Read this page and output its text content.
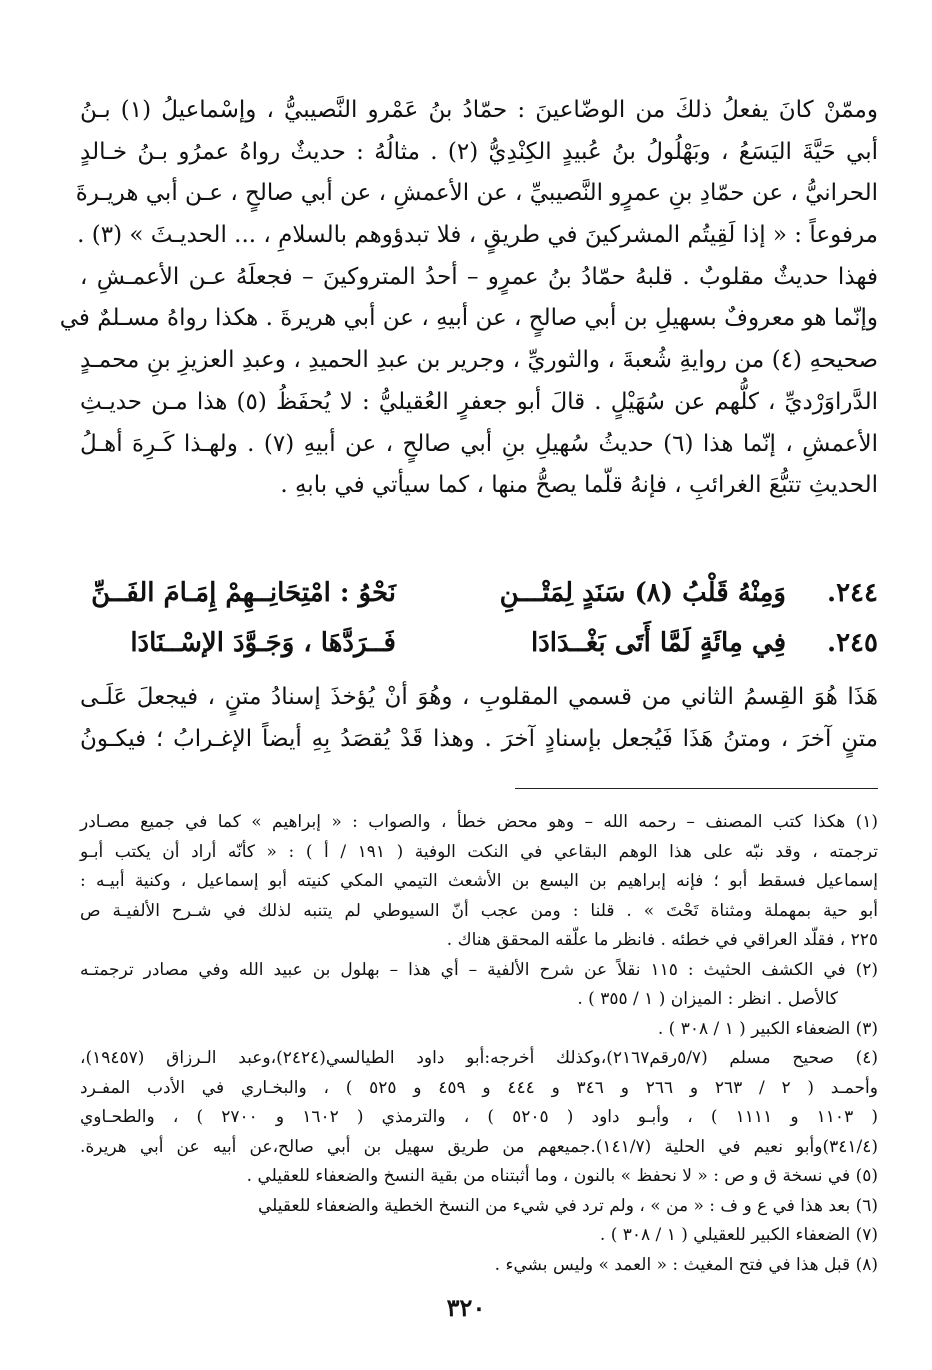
وممّنْ كانَ يفعلُ ذلكَ من الوضّاعينَ : حمّادُ بنُ عَمْرو النَّصيبيُّ ، وإسْماعيلُ (١) بـنُ
أبي حَيَّةَ اليَسَعُ ، وبَهْلُولُ بنُ عُبيدٍ الكِنْدِيُّ (٢) . مثالُهُ : حديثٌ رواهُ عمرُو بـنُ خـالدٍ
الحرانيُّ ، عن حمّادِ بنِ عمرٍو النَّصيبيِّ ، عن الأعمشِ ، عن أبي صالحٍ ، عـن أبي هريـرةَ
مرفوعاً : « إذا لَقِيتُم المشركينَ في طريقٍ ، فلا تبدؤوهم بالسلامِ ، ... الحديـثَ » (٣) .
فهذا حديثٌ مقلوبٌ . قلبهُ حمّادُ بنُ عمرٍو – أحدُ المتروكينَ – فجعلَهُ عـن الأعمـشِ ،
وإنّما هو معروفٌ بسهيلِ بن أبي صالحٍ ، عن أبيهِ ، عن أبي هريرةَ . هكذا رواهُ مسـلمٌ في
صحيحهِ (٤) من روايةِ شُعبةَ ، والثوريِّ ، وجرير بن عبدِ الحميدِ ، وعبدِ العزيزِ بنِ محمـدٍ
الدَّراوَرْديِّ ، كلُّهم عن سُهَيْلٍ . قالَ أبو جعفرٍ العُقيليُّ : لا يُحفَظُ (٥) هذا مـن حديـثِ
الأعمشِ ، إنّما هذا (٦) حديثُ سُهيلِ بنِ أبي صالحٍ ، عن أبيهِ (٧) . ولهـذا كَـرِهَ أهـلُ
الحديثِ تتبُّعَ الغرائبِ ، فإنهُ قلّما يصحُّ منها ، كما سيأتي في بابهِ .
٢٤٤.
وَمِنْهُ قَلْبُ (٨) سَنَدٍ لِمَتْـــنِ
نَحْوُ : امْتِحَانِــهِمْ إِمَـامَ الفَــنِّ
٢٤٥.
فِي مِائَةٍ لَمَّا أَتَى بَغْــدَادَا
فَــرَدَّهَا ، وَجَـوَّدَ الإسْــنَادَا
هَذَا هُوَ القِسمُ الثاني من قسمي المقلوبِ ، وهُوَ أنْ يُؤخذَ إسنادُ متنٍ ، فيجعلَ عَلَـى
متنٍ آخرَ ، ومتنُ هَذَا فَيُجعل بإسنادٍ آخرَ . وهذا قَدْ يُقصَدُ بِهِ أيضاً الإغـرابُ ؛ فيكـونُ
(١) هكذا كتب المصنف – رحمه الله – وهو محض خطأ ، والصواب : « إبراهيم » كما في جميع مصـادر
ترجمته ، وقد نبّه على هذا الوهم البقاعي في النكت الوفية ( ١٩١ / أ ) : « كأنّه أراد أن يكتب أبـو
إسماعيل فسقط أبو ؛ فإنه إبراهيم بن اليسع بن الأشعث التيمي المكي كنيته أبو إسماعيل ، وكنية أبيـه :
أبو حية بمهملة ومثناة تَحْتَ » . قلنا : ومن عجب أنّ السيوطي لم يتنبه لذلك في شـرح الألفيـة ص
٢٢٥ ، فقلّد العراقي في خطئه . فانظر ما علّقه المحقق هناك .
(٢) في الكشف الحثيث : ١١٥ نقلاً عن شرح الألفية – أي هذا – بهلول بن عبيد الله وفي مصادر ترجمتـه
كالأصل . انظر : الميزان ( ١ / ٣٥٥ ) .
(٣) الضعفاء الكبير ( ١ / ٣٠٨ ) .
(٤) صحيح مسلم (٥/٧رقم٢١٦٧)،وكذلك أخرجه:أبو داود الطيالسي(٢٤٢٤)،وعبد الـرزاق (١٩٤٥٧)،
وأحمـد ( ٢ / ٢٦٣ و ٢٦٦ و ٣٤٦ و ٤٤٤ و ٤٥٩ و ٥٢٥ ) ، والبخـاري في الأدب المفـرد
( ١١٠٣ و ١١١١ ) ، وأبـو داود ( ٥٢٠٥ ) ، والترمذي ( ١٦٠٢ و ٢٧٠٠ ) ، والطحـاوي
(٣٤١/٤)وأبو نعيم في الحلية (١٤١/٧).جميعهم من طريق سهيل بن أبي صالح،عن أبيه عن أبي هريرة.
(٥) في نسخة ق و ص : « لا نحفظ » بالنون ، وما أثبتناه من بقية النسخ والضعفاء للعقيلي .
(٦) بعد هذا في ع و ف : « من » ، ولم ترد في شيء من النسخ الخطية والضعفاء للعقيلي
(٧) الضعفاء الكبير للعقيلي ( ١ / ٣٠٨ ) .
(٨) قبل هذا في فتح المغيث : « العمد » وليس بشيء .
٣٢٠
